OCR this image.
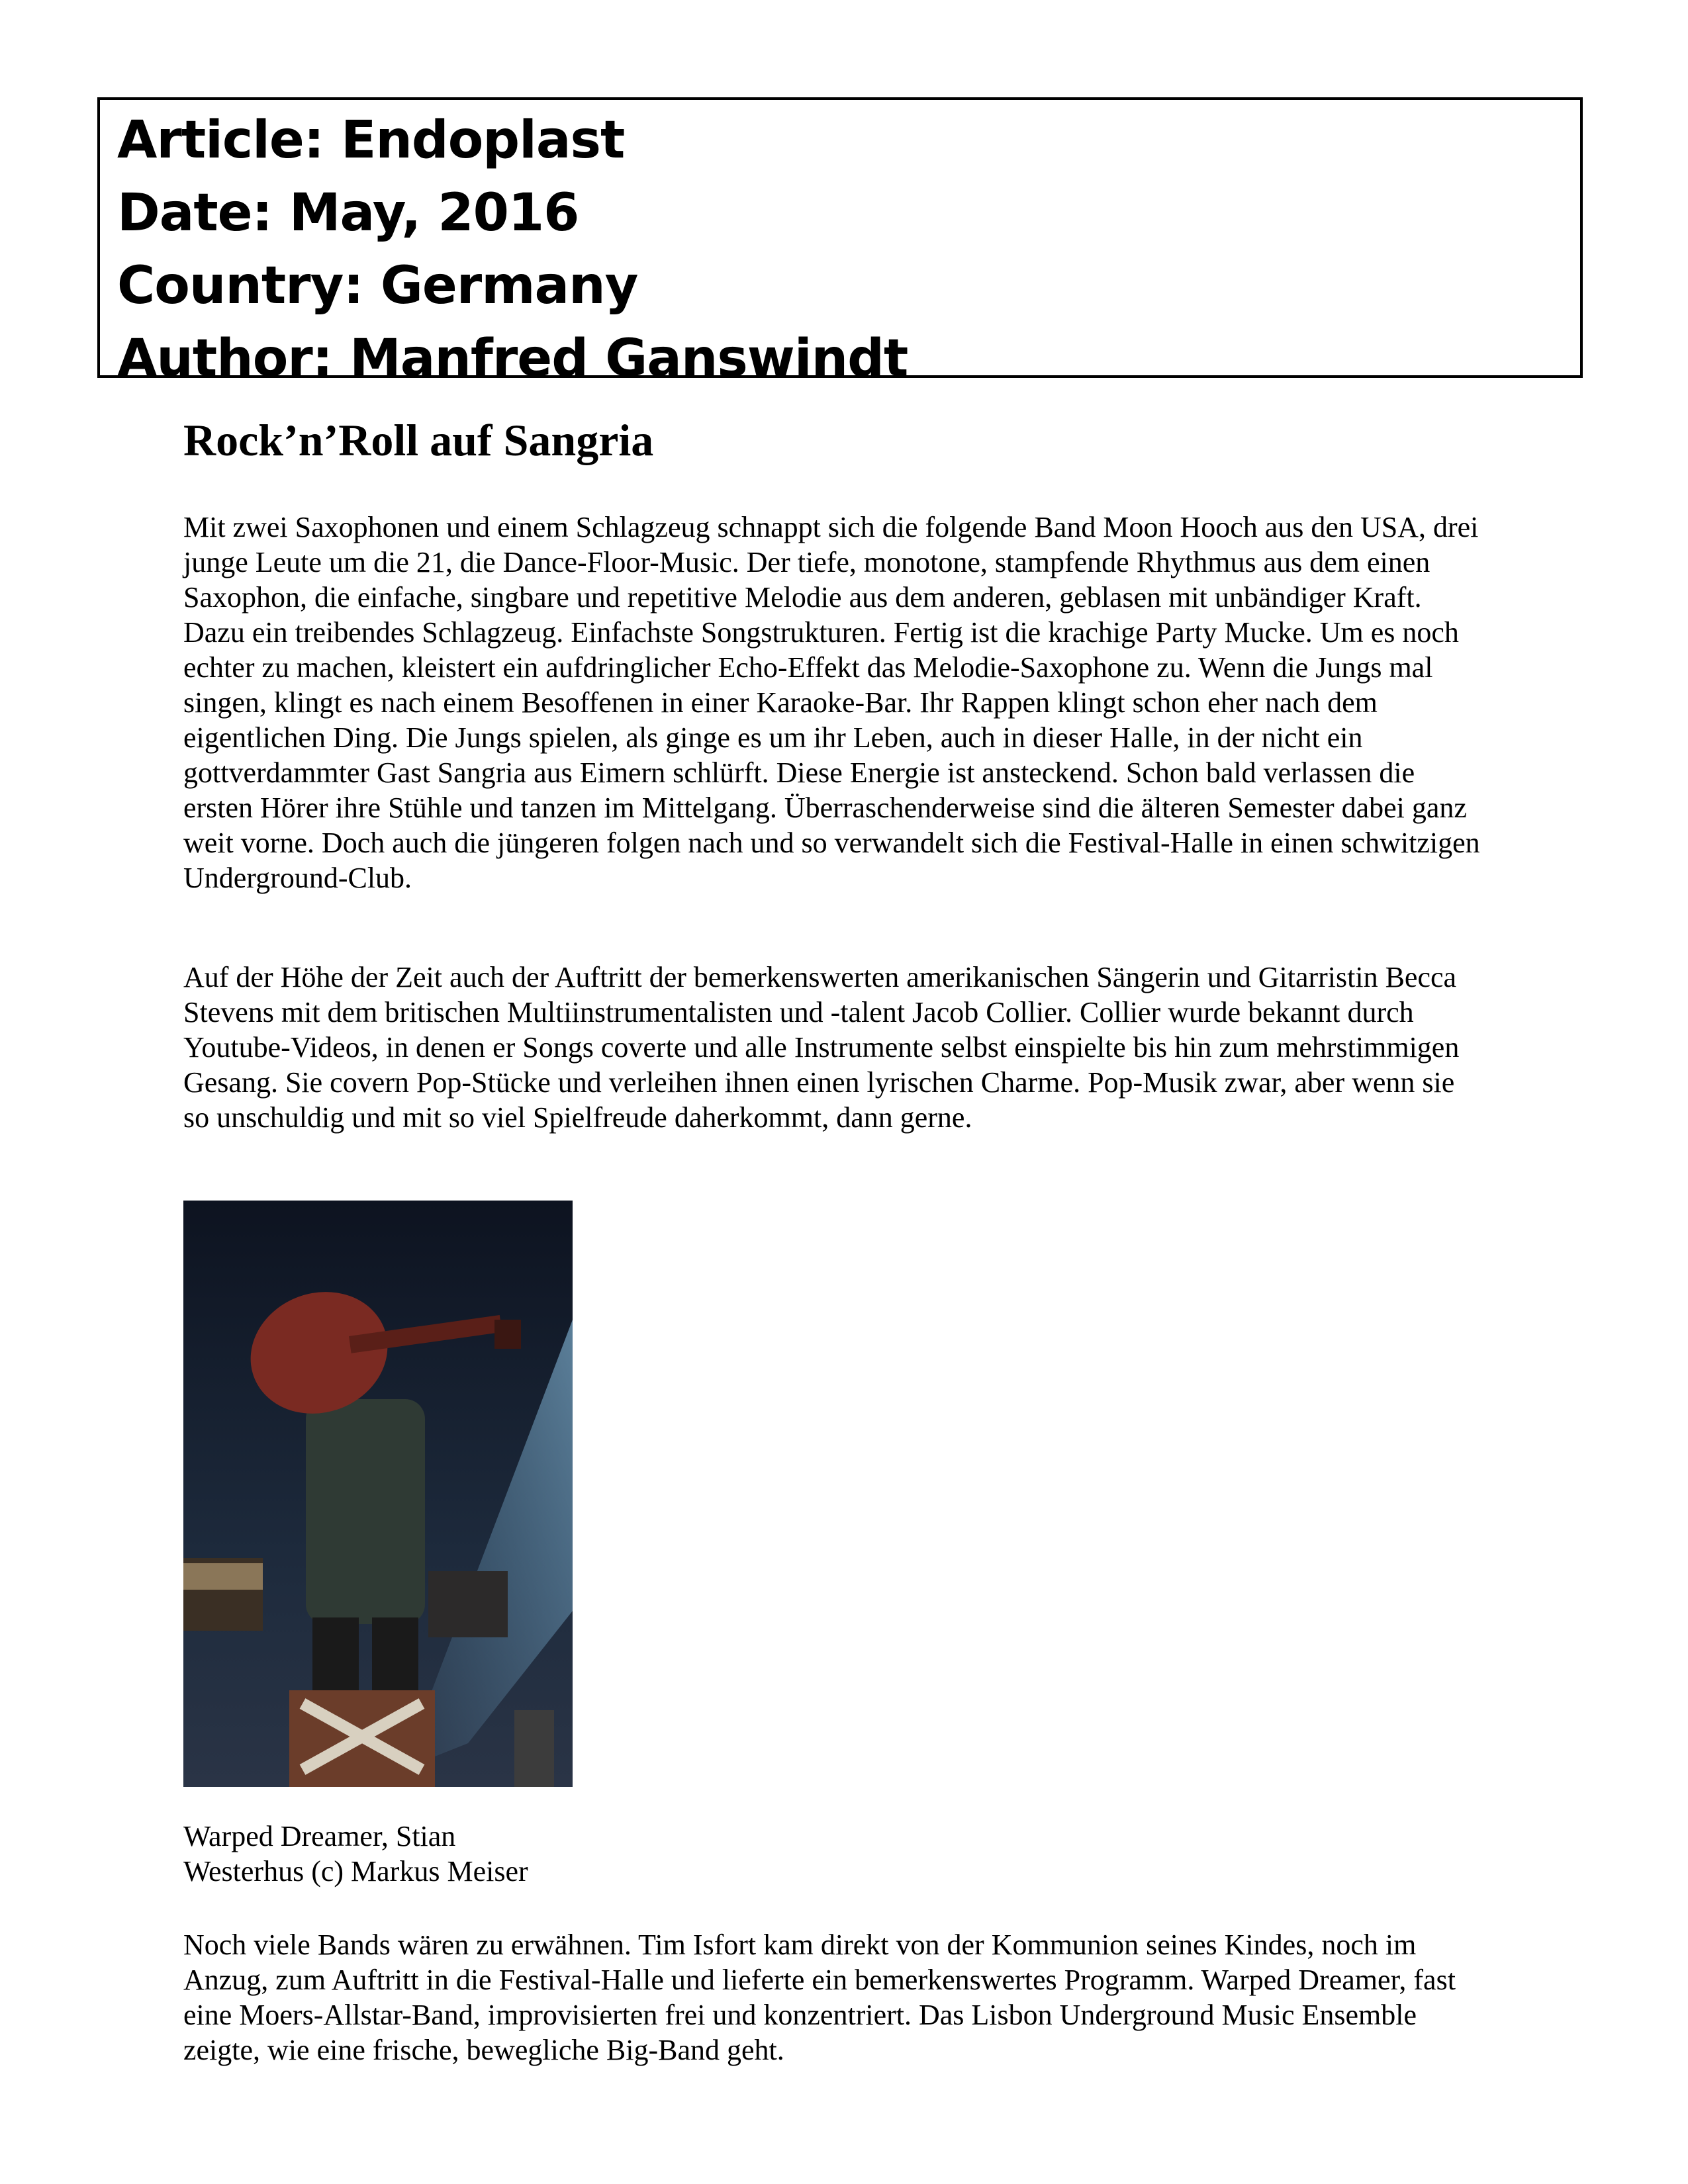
Article: Endoplast
Date: May, 2016
Country: Germany
Author: Manfred Ganswindt
Rock’n’Roll auf Sangria

Mit zwei Saxophonen und einem Schlagzeug schnappt sich die folgende Band Moon Hooch aus den USA, drei junge Leute um die 21, die Dance-Floor-Music. Der tiefe, monotone, stampfende Rhythmus aus dem einen Saxophon, die einfache, singbare und repetitive Melodie aus dem anderen, geblasen mit unbändiger Kraft. Dazu ein treibendes Schlagzeug. Einfachste Songstrukturen. Fertig ist die krachige Party Mucke. Um es noch echter zu machen, kleistert ein aufdringlicher Echo-Effekt das Melodie-Saxophone zu. Wenn die Jungs mal singen, klingt es nach einem Besoffenen in einer Karaoke-Bar. Ihr Rappen klingt schon eher nach dem eigentlichen Ding. Die Jungs spielen, als ginge es um ihr Leben, auch in dieser Halle, in der nicht ein gottverdammter Gast Sangria aus Eimern schlürft. Diese Energie ist ansteckend. Schon bald verlassen die ersten Hörer ihre Stühle und tanzen im Mittelgang. Überraschenderweise sind die älteren Semester dabei ganz weit vorne. Doch auch die jüngeren folgen nach und so verwandelt sich die Festival-Halle in einen schwitzigen Underground-Club.

Auf der Höhe der Zeit auch der Auftritt der bemerkenswerten amerikanischen Sängerin und Gitarristin Becca Stevens mit dem britischen Multiinstrumentalisten und -talent Jacob Collier. Collier wurde bekannt durch Youtube-Videos, in denen er Songs coverte und alle Instrumente selbst einspielte bis hin zum mehrstimmigen Gesang. Sie covern Pop-Stücke und verleihen ihnen einen lyrischen Charme. Pop-Musik zwar, aber wenn sie so unschuldig und mit so viel Spielfreude daherkommt, dann gerne.

Warped Dreamer, Stian
Westerhus (c) Markus Meiser

Noch viele Bands wären zu erwähnen. Tim Isfort kam direkt von der Kommunion seines Kindes, noch im Anzug, zum Auftritt in die Festival-Halle und lieferte ein bemerkenswertes Programm. Warped Dreamer, fast eine Moers-Allstar-Band, improvisierten frei und konzentriert. Das Lisbon Underground Music Ensemble zeigte, wie eine frische, bewegliche Big-Band geht.
